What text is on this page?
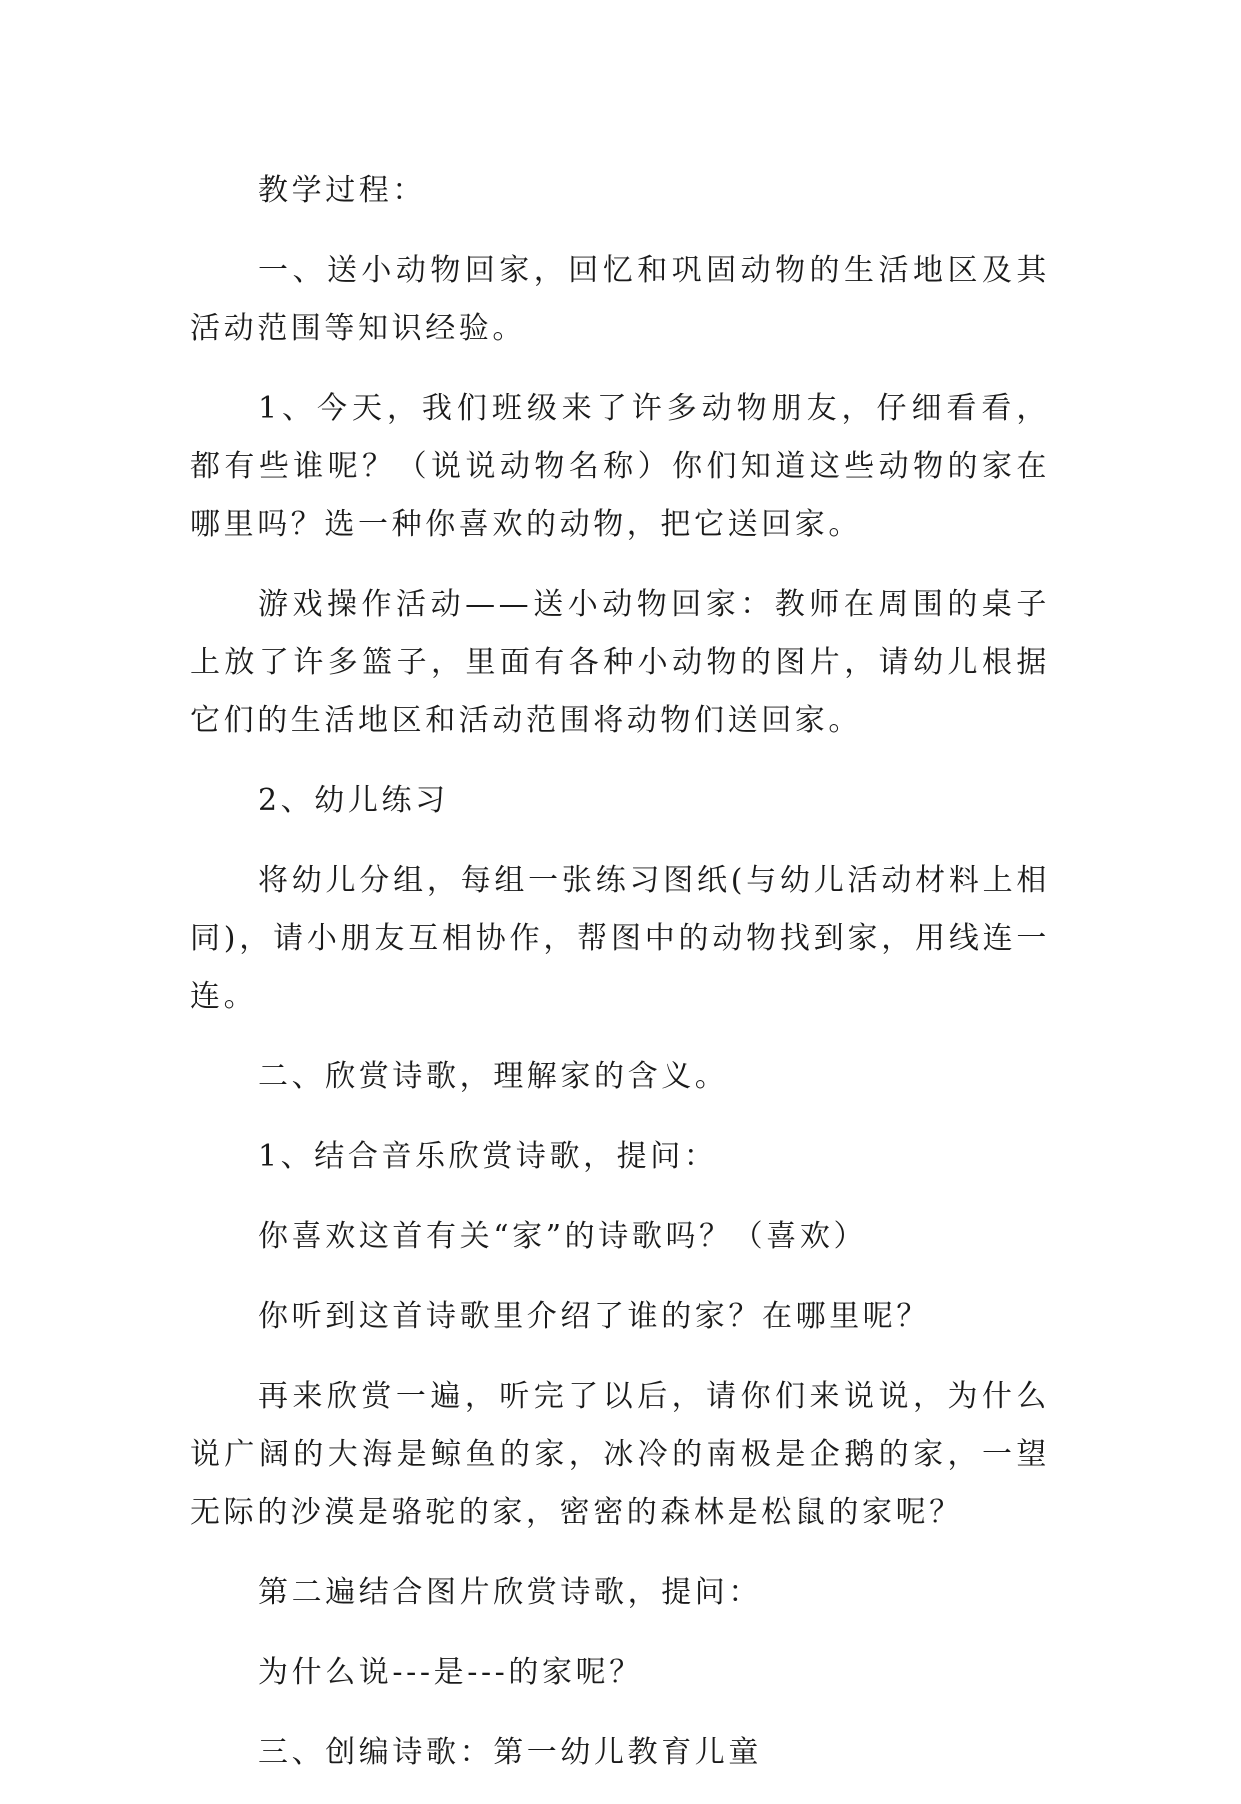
教学过程：

一、送小动物回家，回忆和巩固动物的生活地区及其活动范围等知识经验。

1、今天，我们班级来了许多动物朋友，仔细看看，都有些谁呢？（说说动物名称）你们知道这些动物的家在哪里吗？选一种你喜欢的动物，把它送回家。

游戏操作活动——送小动物回家：教师在周围的桌子上放了许多篮子，里面有各种小动物的图片，请幼儿根据它们的生活地区和活动范围将动物们送回家。

2、幼儿练习

将幼儿分组，每组一张练习图纸(与幼儿活动材料上相同)，请小朋友互相协作，帮图中的动物找到家，用线连一连。

二、欣赏诗歌，理解家的含义。

1、结合音乐欣赏诗歌，提问：

你喜欢这首有关“家”的诗歌吗？（喜欢）

你听到这首诗歌里介绍了谁的家？在哪里呢？

再来欣赏一遍，听完了以后，请你们来说说，为什么说广阔的大海是鲸鱼的家，冰冷的南极是企鹅的家，一望无际的沙漠是骆驼的家，密密的森林是松鼠的家呢？

第二遍结合图片欣赏诗歌，提问：

为什么说---是---的家呢？

三、创编诗歌：第一幼儿教育儿童
